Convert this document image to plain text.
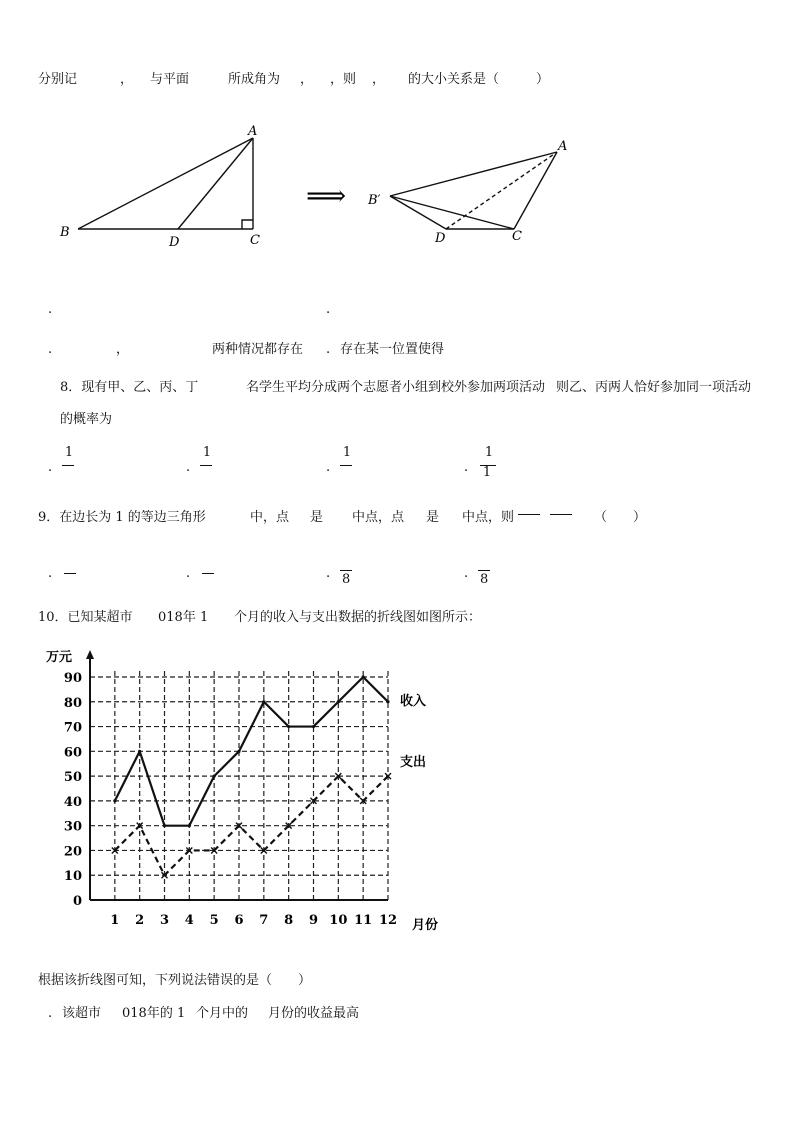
分别记	， 与平面	所成角为 ， ，则 ， 的大小关系是（	）
A
B
C
D
⟹
A
B′
C
D
.	.
.	，	两种情况都存在 . 存在某一位置使得
8．现有甲、乙、丙、丁	名学生平均分成两个志愿者小组到校外参加两项活动 则乙、丙两人恰好参加同一项活动
的概率为
.
1
.
1
.
1
.
1
1
9．在边长为 1 的等边三角形	中，点 是 中点，点 是 中点，则	（　　）
.	.	. 8	. 8
10．已知某超市 018年 1 个月的收入与支出数据的折线图如图所示：
0
10
20
30
40
50
60
70
80
90
1 2 3 4 5 6 7 8 9 10 11 12
万元
月份
收入
支出
根据该折线图可知，下列说法错误的是（　　）
. 该超市 018年的 1 个月中的 月份的收益最高
